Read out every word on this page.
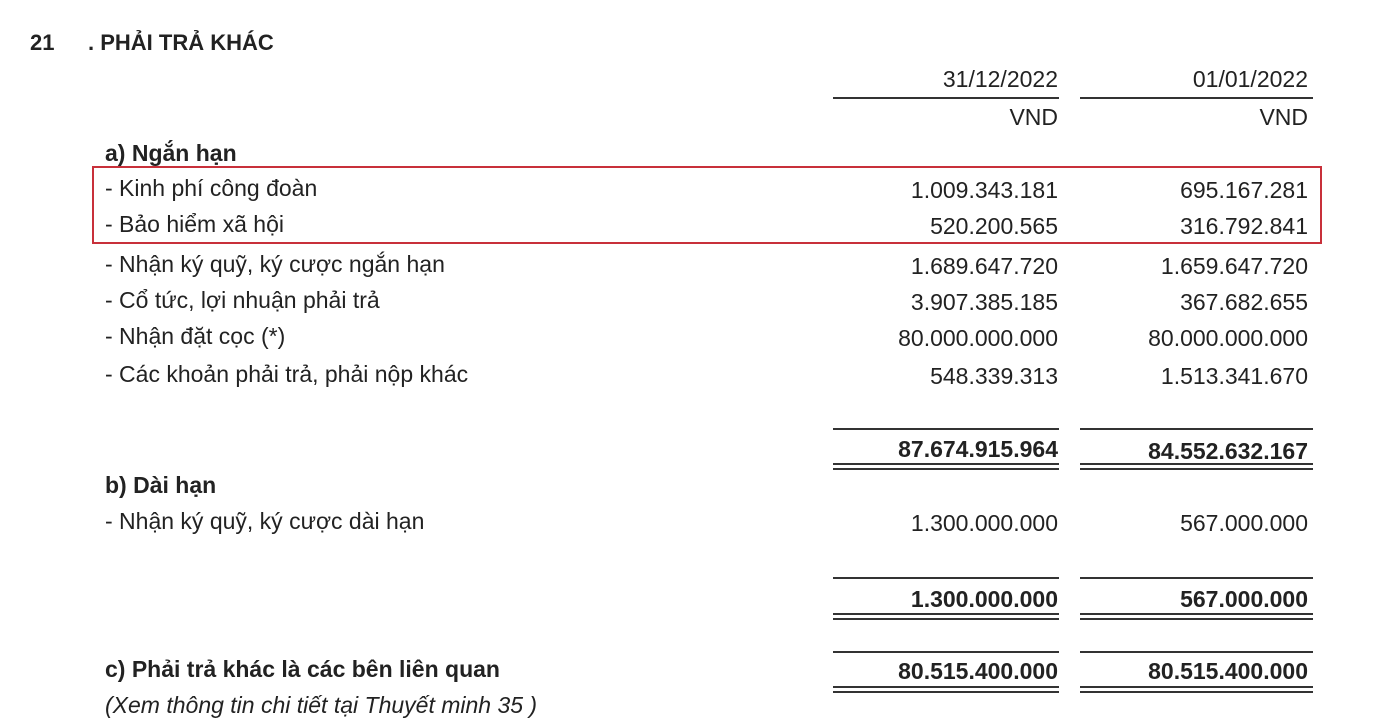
21 . PHẢI TRẢ KHÁC
31/12/2022	01/01/2022
VND	VND
a) Ngắn hạn
- Kinh phí công đoàn	1.009.343.181	695.167.281
- Bảo hiểm xã hội	520.200.565	316.792.841
- Nhận ký quỹ, ký cược ngắn hạn	1.689.647.720	1.659.647.720
- Cổ tức, lợi nhuận phải trả	3.907.385.185	367.682.655
- Nhận đặt cọc (*)	80.000.000.000	80.000.000.000
- Các khoản phải trả, phải nộp khác	548.339.313	1.513.341.670
87.674.915.964	84.552.632.167
b) Dài hạn
- Nhận ký quỹ, ký cược dài hạn	1.300.000.000	567.000.000
1.300.000.000	567.000.000
c) Phải trả khác là các bên liên quan	80.515.400.000	80.515.400.000
(Xem thông tin chi tiết tại Thuyết minh 35 )
